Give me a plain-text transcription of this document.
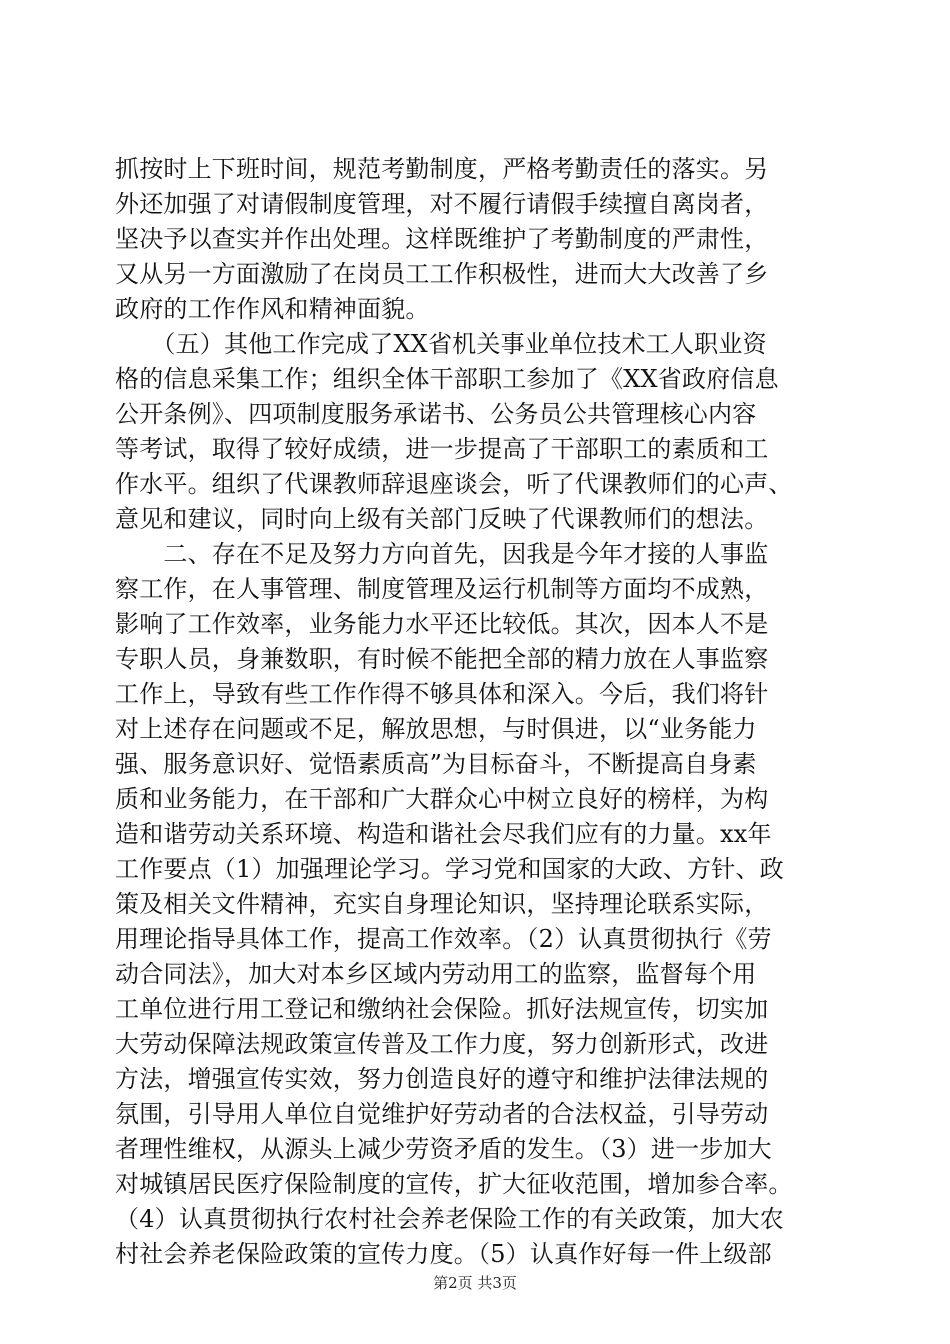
抓按时上下班时间，规范考勤制度，严格考勤责任的落实。另
外还加强了对请假制度管理，对不履行请假手续擅自离岗者，
坚决予以查实并作出处理。这样既维护了考勤制度的严肃性，
又从另一方面激励了在岗员工工作积极性，进而大大改善了乡
政府的工作作风和精神面貌。
　　（五）其他工作完成了XX省机关事业单位技术工人职业资
格的信息采集工作；组织全体干部职工参加了《XX省政府信息
公开条例》、四项制度服务承诺书、公务员公共管理核心内容
等考试，取得了较好成绩，进一步提高了干部职工的素质和工
作水平。组织了代课教师辞退座谈会，听了代课教师们的心声、
意见和建议，同时向上级有关部门反映了代课教师们的想法。
　　二、存在不足及努力方向首先，因我是今年才接的人事监
察工作，在人事管理、制度管理及运行机制等方面均不成熟，
影响了工作效率，业务能力水平还比较低。其次，因本人不是
专职人员，身兼数职，有时候不能把全部的精力放在人事监察
工作上，导致有些工作作得不够具体和深入。今后，我们将针
对上述存在问题或不足，解放思想，与时俱进，以“业务能力
强、服务意识好、觉悟素质高”为目标奋斗，不断提高自身素
质和业务能力，在干部和广大群众心中树立良好的榜样，为构
造和谐劳动关系环境、构造和谐社会尽我们应有的力量。xx年
工作要点（1）加强理论学习。学习党和国家的大政、方针、政
策及相关文件精神，充实自身理论知识，坚持理论联系实际，
用理论指导具体工作，提高工作效率。（2）认真贯彻执行《劳
动合同法》，加大对本乡区域内劳动用工的监察，监督每个用
工单位进行用工登记和缴纳社会保险。抓好法规宣传，切实加
大劳动保障法规政策宣传普及工作力度，努力创新形式，改进
方法，增强宣传实效，努力创造良好的遵守和维护法律法规的
氛围，引导用人单位自觉维护好劳动者的合法权益，引导劳动
者理性维权，从源头上减少劳资矛盾的发生。（3）进一步加大
对城镇居民医疗保险制度的宣传，扩大征收范围，增加参合率。
（4）认真贯彻执行农村社会养老保险工作的有关政策，加大农
村社会养老保险政策的宣传力度。（5）认真作好每一件上级部
第2页 共3页
